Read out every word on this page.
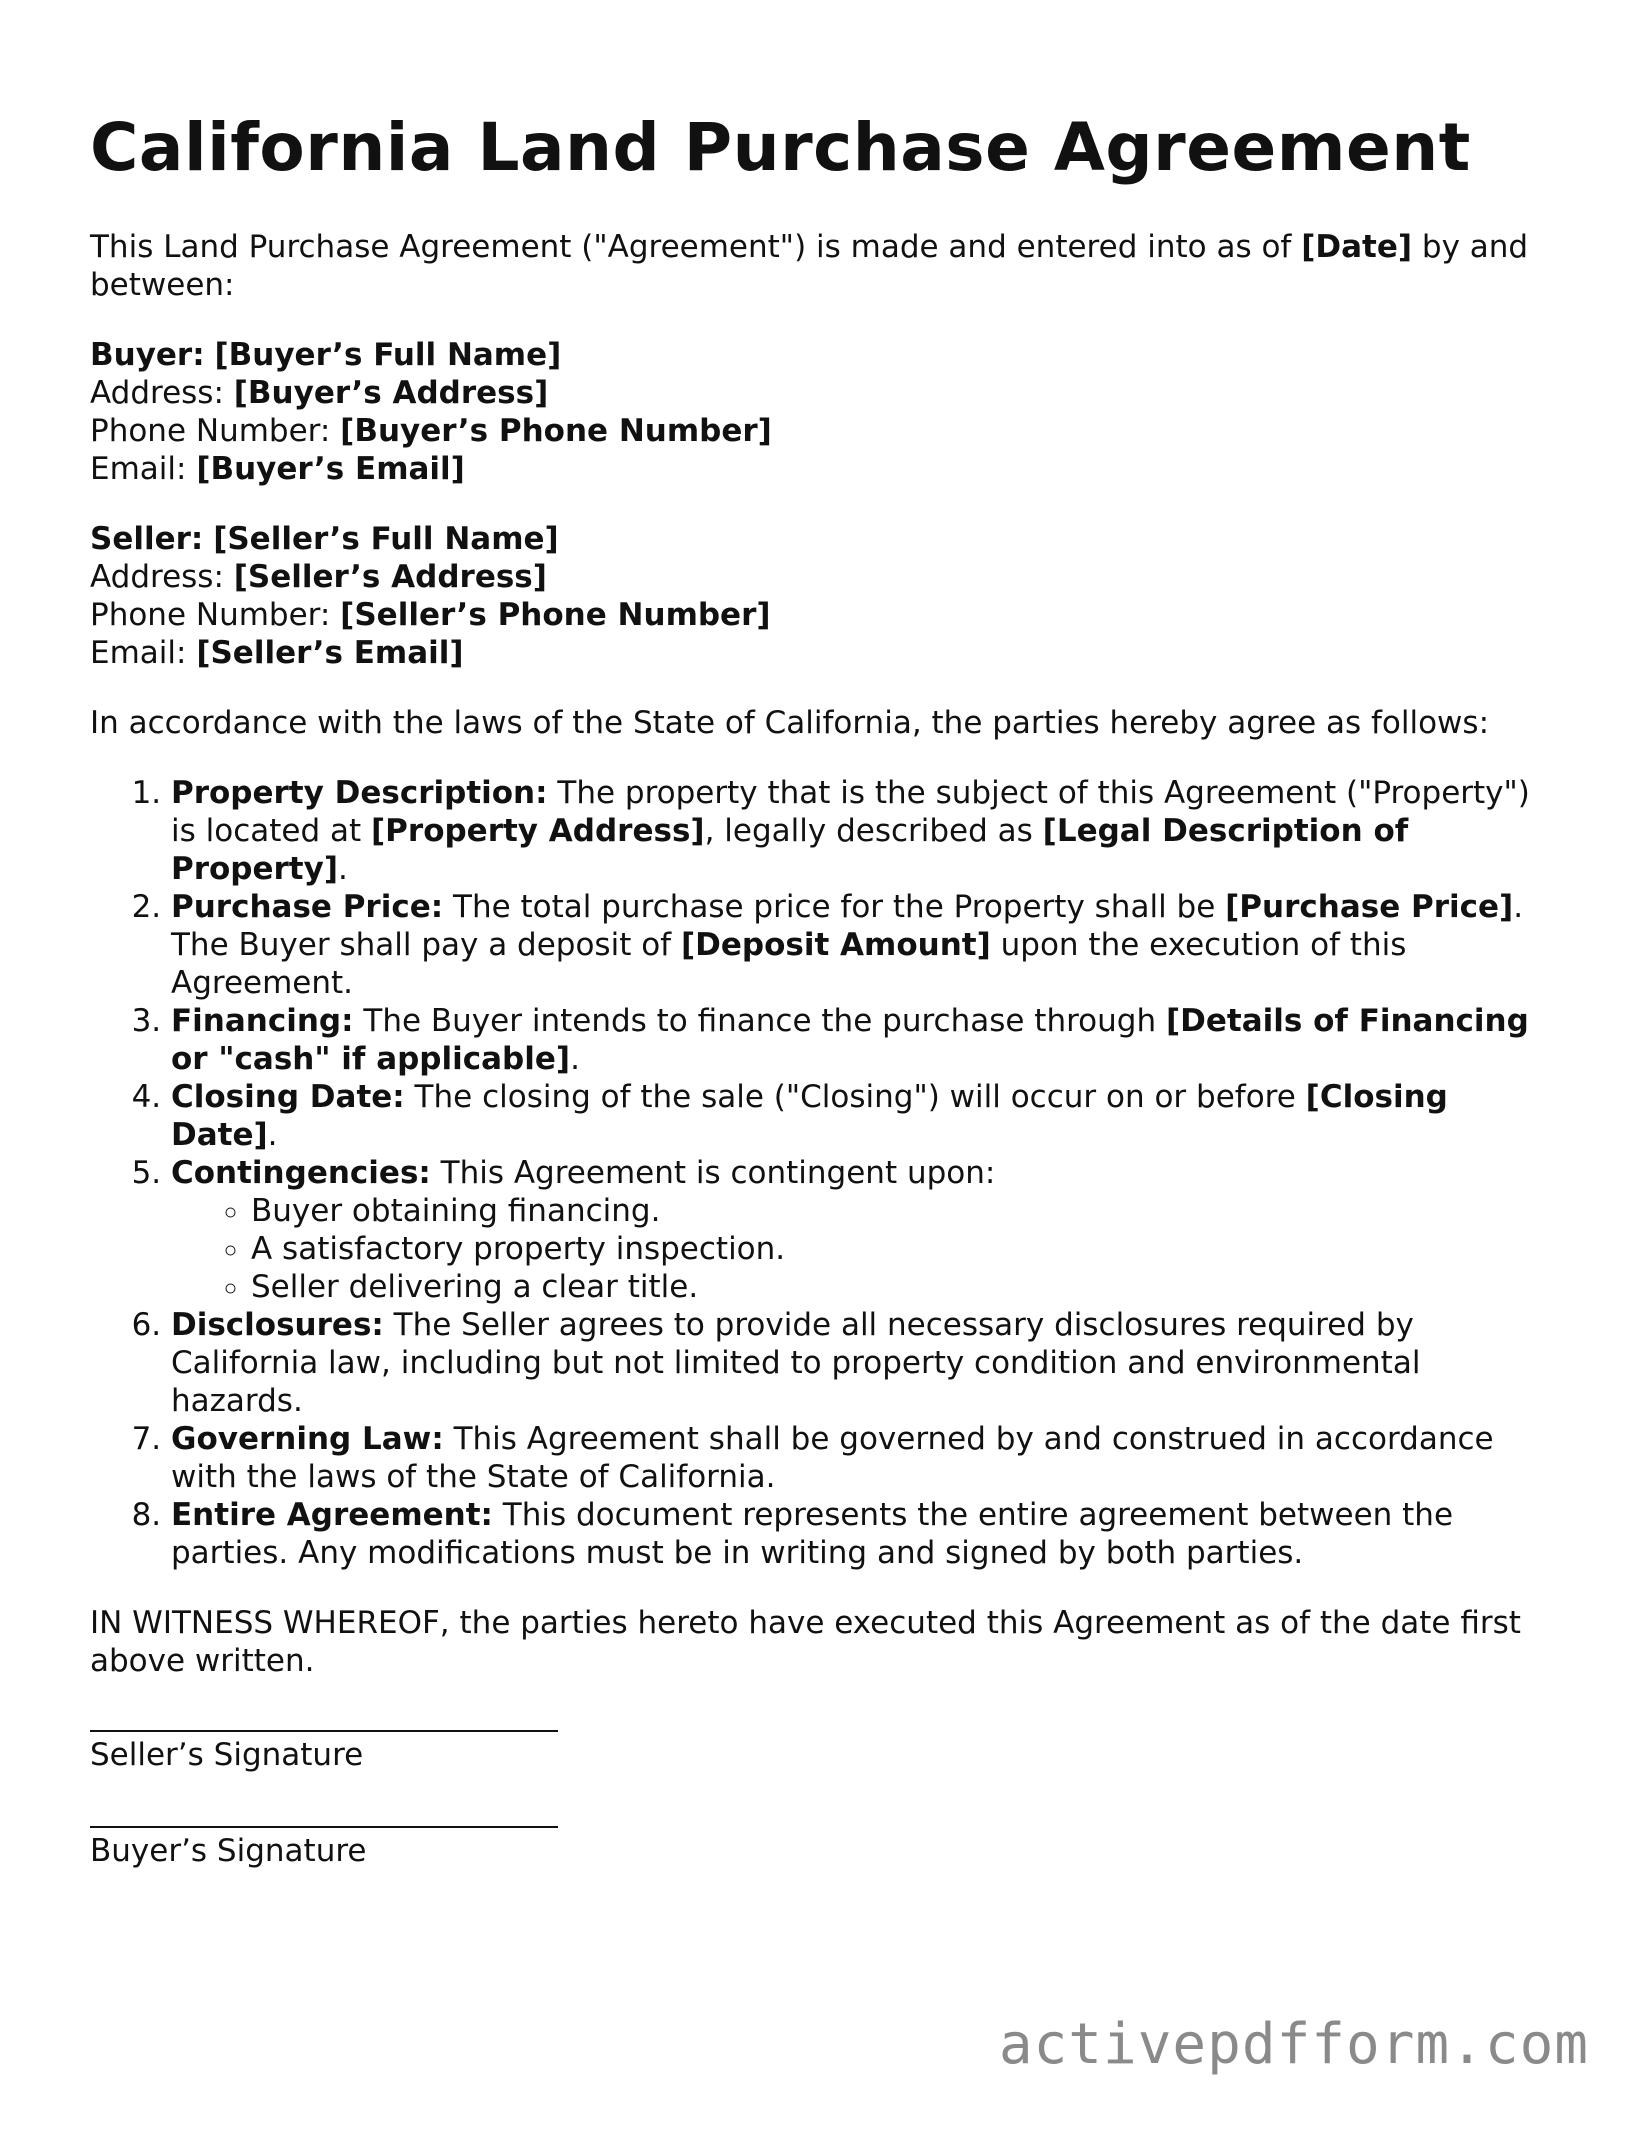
California Land Purchase Agreement

This Land Purchase Agreement ("Agreement") is made and entered into as of [Date] by and between:

Buyer: [Buyer’s Full Name]
Address: [Buyer’s Address]
Phone Number: [Buyer’s Phone Number]
Email: [Buyer’s Email]
Seller: [Seller’s Full Name]
Address: [Seller’s Address]
Phone Number: [Seller’s Phone Number]
Email: [Seller’s Email]

In accordance with the laws of the State of California, the parties hereby agree as follows:

1. Property Description: The property that is the subject of this Agreement ("Property") is located at [Property Address], legally described as [Legal Description of Property].
2. Purchase Price: The total purchase price for the Property shall be [Purchase Price]. The Buyer shall pay a deposit of [Deposit Amount] upon the execution of this Agreement.
3. Financing: The Buyer intends to finance the purchase through [Details of Financing or "cash" if applicable].
4. Closing Date: The closing of the sale ("Closing") will occur on or before [Closing Date].
5. Contingencies: This Agreement is contingent upon:
◦ Buyer obtaining financing.
◦ A satisfactory property inspection.
◦ Seller delivering a clear title.
6. Disclosures: The Seller agrees to provide all necessary disclosures required by California law, including but not limited to property condition and environmental hazards.
7. Governing Law: This Agreement shall be governed by and construed in accordance with the laws of the State of California.
8. Entire Agreement: This document represents the entire agreement between the parties. Any modifications must be in writing and signed by both parties.

IN WITNESS WHEREOF, the parties hereto have executed this Agreement as of the date first above written.

Seller’s Signature
Buyer’s Signature
activepdfform.com
